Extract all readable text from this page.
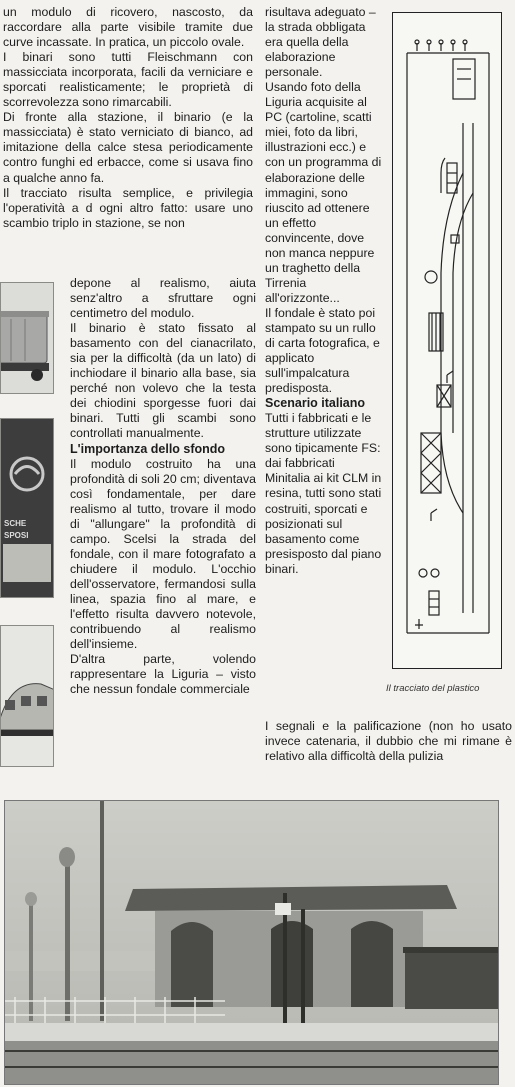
un modulo di ricovero, nascosto, da raccordare alla parte visibile tramite due curve incassate. In pratica, un piccolo ovale.

I binari sono tutti Fleischmann con massicciata incorporata, facili da verniciare e sporcati realisticamente; le proprietà di scorrevolezza sono rimarcabili.

Di fronte alla stazione, il binario (e la massicciata) è stato verniciato di bianco, ad imitazione della calce stesa periodicamente contro funghi ed erbacce, come si usava fino a qualche anno fa.

Il tracciato risulta semplice, e privilegia l'operatività a d ogni altro fatto: usare uno scambio triplo in stazione, se non

SCHE
SPOSI

depone al realismo, aiuta senz'altro a sfruttare ogni centimetro del modulo.

Il binario è stato fissato al basamento con del cianacrilato, sia per la difficoltà (da un lato) di inchiodare il binario alla base, sia perché non volevo che la testa dei chiodini sporgesse fuori dai binari. Tutti gli scambi sono controllati manualmente.

L'importanza dello sfondo

Il modulo costruito ha una profondità di soli 20 cm; diventava così fondamentale, per dare realismo al tutto, trovare il modo di "allungare" la profondità di campo. Scelsi la strada del fondale, con il mare fotografato a chiudere il modulo. L'occhio dell'osservatore, fermandosi sulla linea, spazia fino al mare, e l'effetto risulta davvero notevole, contribuendo al realismo dell'insieme.

D'altra parte, volendo rappresentare la Liguria – visto che nessun fondale commerciale

risultava adeguato – la strada obbligata era quella della elaborazione personale.

Usando foto della Liguria acquisite al PC (cartoline, scatti miei, foto da libri, illustrazioni ecc.) e con un programma di elaborazione delle immagini, sono riuscito ad ottenere un effetto convincente, dove non manca neppure un traghetto della Tirrenia all'orizzonte...

Il fondale è stato poi stampato su un rullo di carta fotografica, e applicato sull'impalcatura predisposta.

Scenario italiano

Tutti i fabbricati e le strutture utilizzate sono tipicamente FS: dai fabbricati Minitalia ai kit CLM in resina, tutti sono stati costruiti, sporcati e posizionati sul basamento come presisposto dal piano binari.

I segnali e la palificazione (non ho usato invece catenaria, il dubbio che mi rimane è relativo alla difficoltà della pulizia

Il tracciato del plastico
